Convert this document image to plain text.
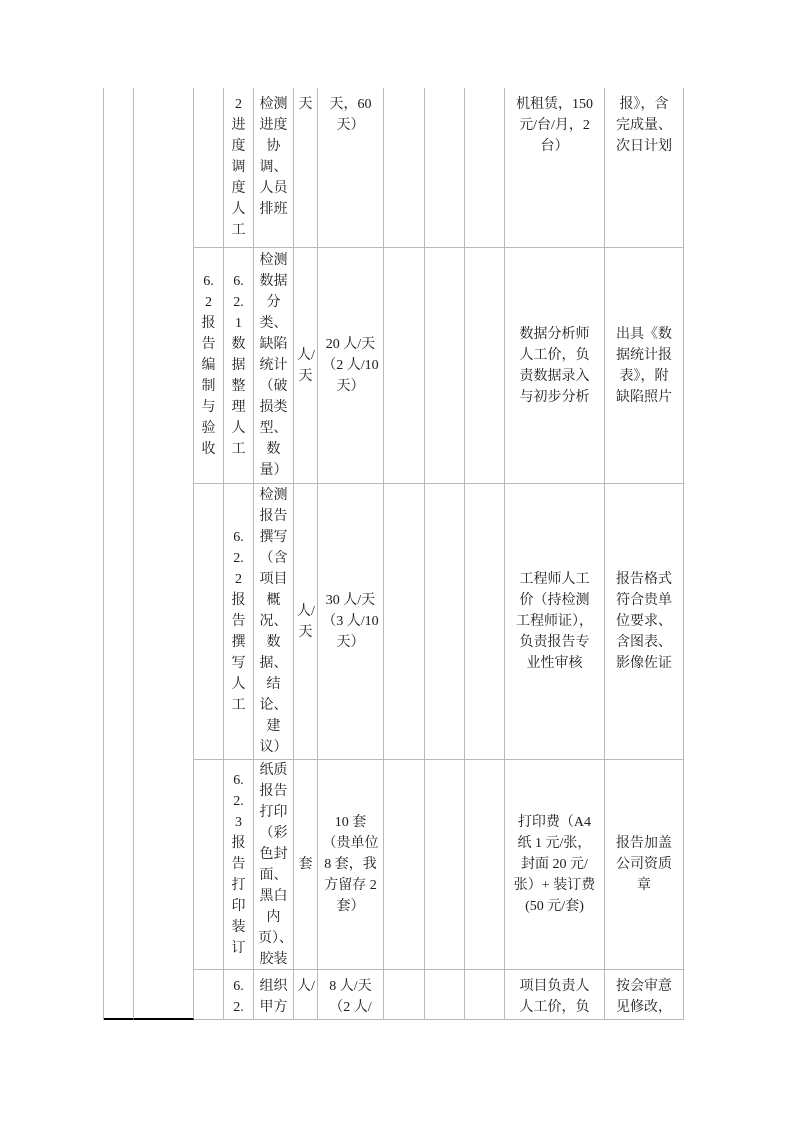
2 进度调度人工
检测进度协调、人员排班
天	天，60 天）
机租赁，150 元/台/月，2 台）
报》，含完成量、次日计划
6.2 报告编制与验收
6.2.1 数据整理人工
检测数据分类、缺陷统计（破损类型、数量）
人/天
20 人/天（2 人/10 天）
数据分析师人工价，负责数据录入与初步分析
出具《数据统计报表》，附缺陷照片
6.2.2 报告撰写人工
检测报告撰写（含项目概况、数据、结论、建议）
人/天
30 人/天（3 人/10 天）
工程师人工价（持检测工程师证），负责报告专业性审核
报告格式符合贵单位要求、含图表、影像佐证
6.2.3 报告打印装订
纸质报告打印（彩色封面、黑白内页）、胶装
套
10 套（贵单位 8 套，我方留存 2 套）
打印费（A4 纸 1 元/张，封面 20 元/张）+ 装订费(50 元/套)
报告加盖公司资质章
6.2.
组织甲方
人/	8 人/天（2 人/
项目负责人人工价，负
按会审意见修改，
